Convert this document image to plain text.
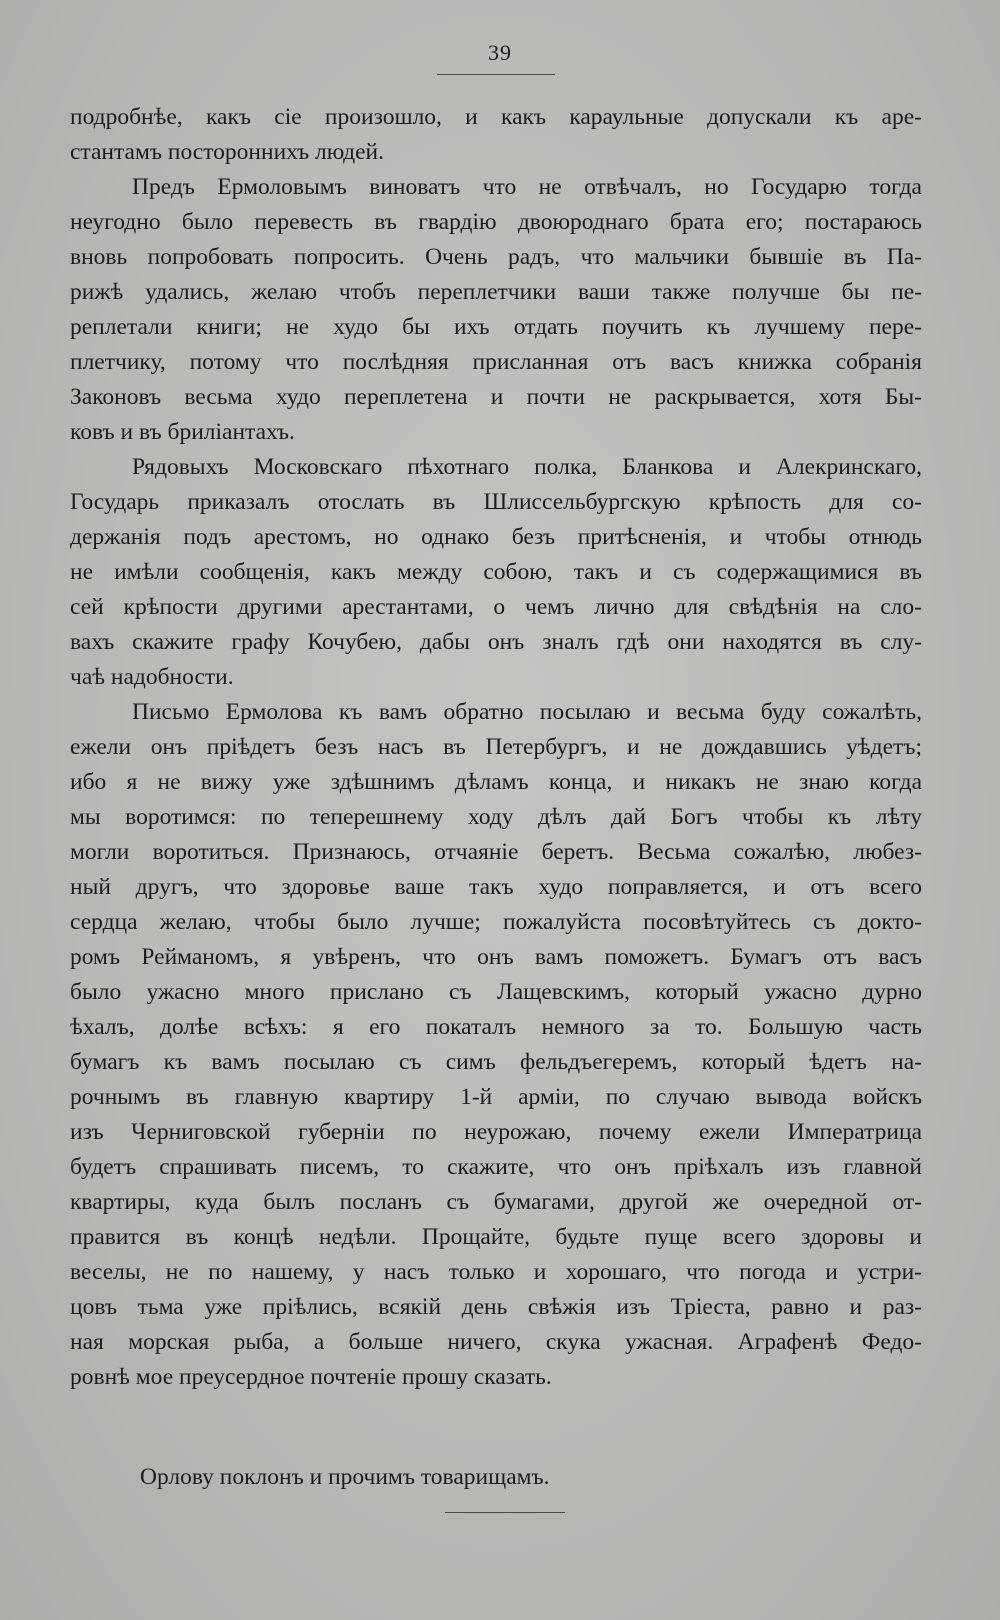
39
подробнѣе, какъ сіе произошло, и какъ караульные допускали къ аре-
стантамъ постороннихъ людей.
Предъ Ермоловымъ виноватъ что не отвѣчалъ, но Государю тогда
неугодно было перевесть въ гвардію двоюроднаго брата его; постараюсь
вновь попробовать попросить. Очень радъ, что мальчики бывшіе въ Па-
рижѣ удались, желаю чтобъ переплетчики ваши также получше бы пе-
реплетали книги; не худо бы ихъ отдать поучить къ лучшему пере-
плетчику, потому что послѣдняя присланная отъ васъ книжка собранія
Законовъ весьма худо переплетена и почти не раскрывается, хотя Бы-
ковъ и въ бриліантахъ.
Рядовыхъ Московскаго пѣхотнаго полка, Бланкова и Алекринскаго,
Государь приказалъ отослать въ Шлиссельбургскую крѣпость для со-
держанія подъ арестомъ, но однако безъ притѣсненія, и чтобы отнюдь
не имѣли сообщенія, какъ между собою, такъ и съ содержащимися въ
сей крѣпости другими арестантами, о чемъ лично для свѣдѣнія на сло-
вахъ скажите графу Кочубею, дабы онъ зналъ гдѣ они находятся въ слу-
чаѣ надобности.
Письмо Ермолова къ вамъ обратно посылаю и весьма буду сожалѣть,
ежели онъ пріѣдетъ безъ насъ въ Петербургъ, и не дождавшись уѣдетъ;
ибо я не вижу уже здѣшнимъ дѣламъ конца, и никакъ не знаю когда
мы воротимся: по теперешнему ходу дѣлъ дай Богъ чтобы къ лѣту
могли воротиться. Признаюсь, отчаяніе беретъ. Весьма сожалѣю, любез-
ный другъ, что здоровье ваше такъ худо поправляется, и отъ всего
сердца желаю, чтобы было лучше; пожалуйста посовѣтуйтесь съ докто-
ромъ Рейманомъ, я увѣренъ, что онъ вамъ поможетъ. Бумагъ отъ васъ
было ужасно много прислано съ Лащевскимъ, который ужасно дурно
ѣхалъ, долѣе всѣхъ: я его покаталъ немного за то. Большую часть
бумагъ къ вамъ посылаю съ симъ фельдъегеремъ, который ѣдетъ на-
рочнымъ въ главную квартиру 1-й арміи, по случаю вывода войскъ
изъ Черниговской губерніи по неурожаю, почему ежели Императрица
будетъ спрашивать писемъ, то скажите, что онъ пріѣхалъ изъ главной
квартиры, куда былъ посланъ съ бумагами, другой же очередной от-
правится въ концѣ недѣли. Прощайте, будьте пуще всего здоровы и
веселы, не по нашему, у насъ только и хорошаго, что погода и устри-
цовъ тьма уже пріѣлись, всякій день свѣжія изъ Тріеста, равно и раз-
ная морская рыба, а больше ничего, скука ужасная. Аграфенѣ Федо-
ровнѣ мое преусердное почтеніе прошу сказать.
Орлову поклонъ и прочимъ товарищамъ.
